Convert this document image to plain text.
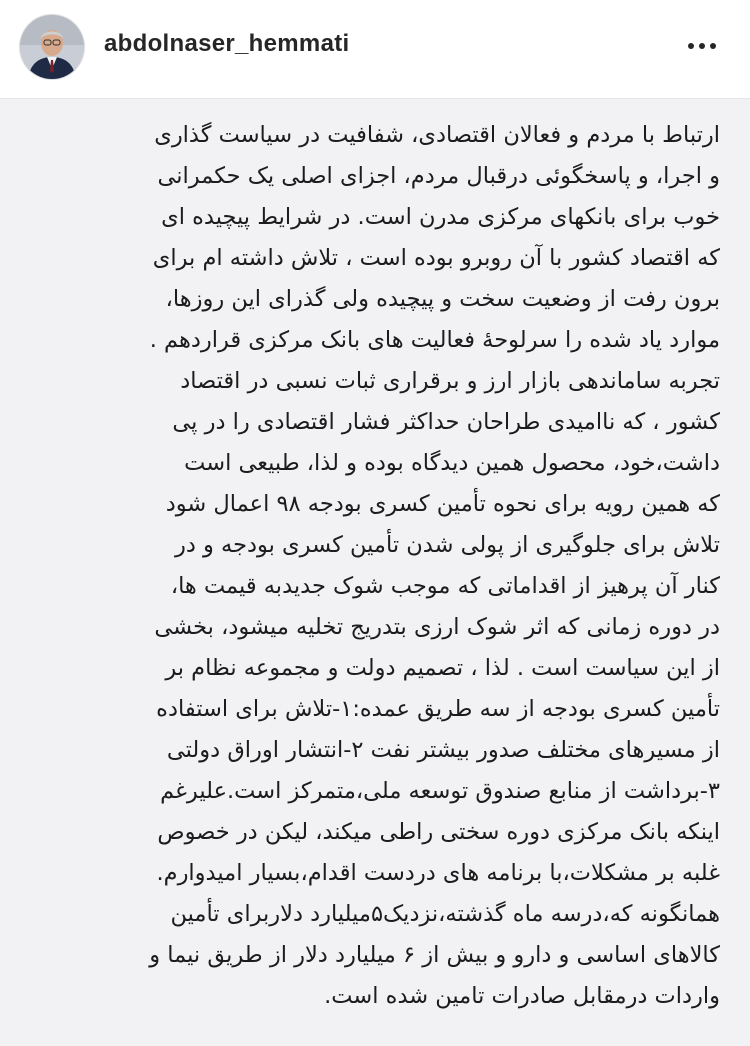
abdolnaser_hemmati
ارتباط با مردم و فعالان اقتصادی، شفافیت در سیاست گذاری
و اجرا، و پاسخگوئی درقبال مردم، اجزای اصلی یک حکمرانی
خوب برای بانکهای مرکزی مدرن است. در شرایط پیچیده ای
که اقتصاد کشور با آن روبرو بوده است ، تلاش داشته ام برای
برون رفت از وضعیت سخت و پیچیده ولی گذرای این روزها،
موارد یاد شده را سرلوحهٔ فعالیت های بانک مرکزی قراردهم .
تجربه ساماندهی بازار ارز و برقراری ثبات نسبی در اقتصاد
کشور ، که ناامیدی طراحان حداکثر فشار اقتصادی را در پی
داشت،خود، محصول همین دیدگاه بوده و لذا، طبیعی است
که همین رویه برای نحوه تأمین کسری بودجه ۹۸ اعمال شود
تلاش برای جلوگیری از پولی شدن تأمین کسری بودجه و در
کنار آن پرهیز از اقداماتی که موجب شوک جدیدبه قیمت ها،
در دوره زمانی که اثر شوک ارزی بتدریج تخلیه میشود، بخشی
از این سیاست است . لذا ، تصمیم دولت و مجموعه نظام بر
تأمین کسری بودجه از سه طریق عمده:۱-تلاش برای استفاده
از مسیرهای مختلف صدور بیشتر نفت ۲-انتشار اوراق دولتی
۳-برداشت از منابع صندوق توسعه ملی،متمرکز است.علیرغم
اینکه بانک مرکزی دوره سختی راطی میکند، لیکن در خصوص
غلبه بر مشکلات،با برنامه های دردست اقدام،بسیار امیدوارم.
همانگونه که،درسه ماه گذشته،نزدیک۵میلیارد دلاربرای تأمین
کالاهای اساسی و دارو و بیش از ۶ میلیارد دلار از طریق نیما و
واردات درمقابل صادرات تامین شده است.
